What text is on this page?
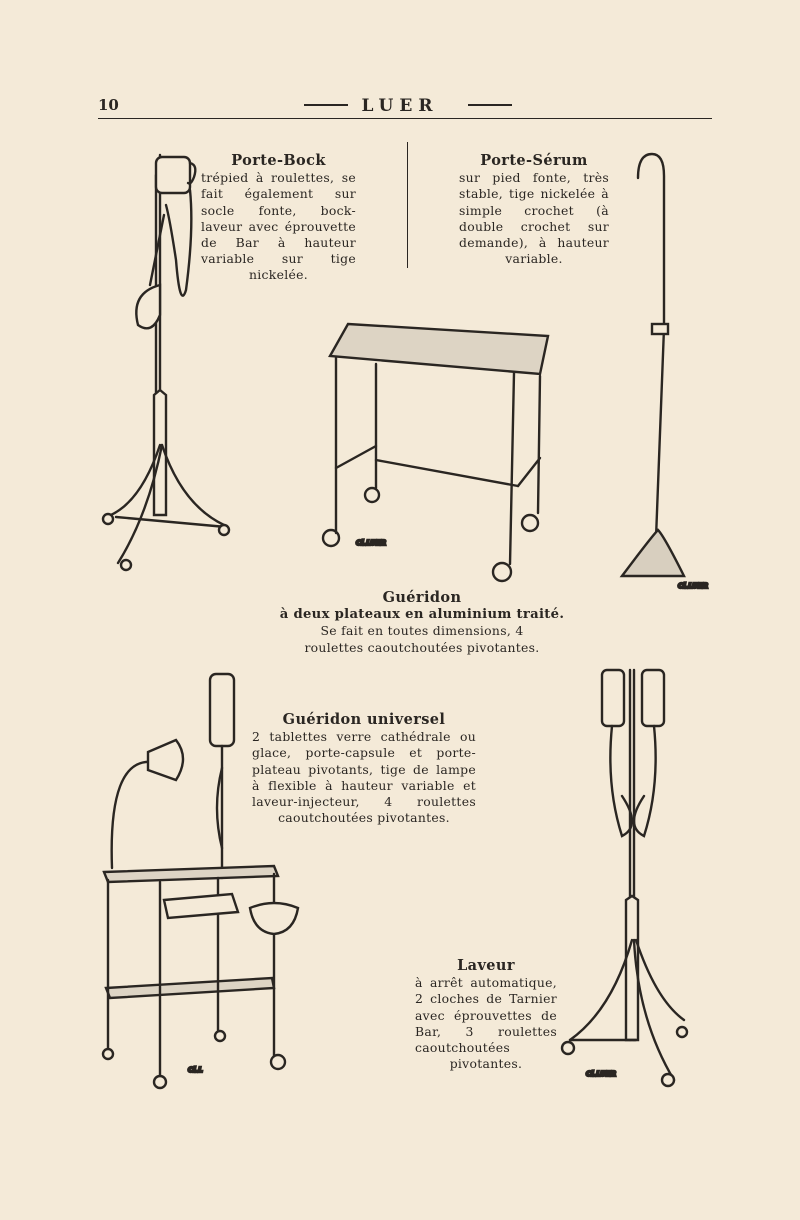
10	LUER
Porte-Bock
trépied à roulettes, se fait également sur socle fonte, bock-laveur avec éprouvette de Bar à hauteur variable sur tige nickelée.
Porte-Sérum
sur pied fonte, très stable, tige nickelée à simple crochet (à double crochet sur demande), à hauteur variable.
Guéridon
à deux plateaux en aluminium traité.
Se fait en toutes dimensions, 4 roulettes caoutchoutées pivotantes.
Guéridon universel
2 tablettes verre cathédrale ou glace, porte-capsule et porte-plateau pivotants, tige de lampe à flexible à hauteur variable et laveur-injecteur, 4 roulettes caoutchoutées pivotantes.
Laveur
à arrêt automatique, 2 cloches de Tarnier avec éprouvettes de Bar, 3 roulettes caoutchoutées pivotantes.
Cl.LUER
Cl.LUER
Cl.L	Cl.LUER
